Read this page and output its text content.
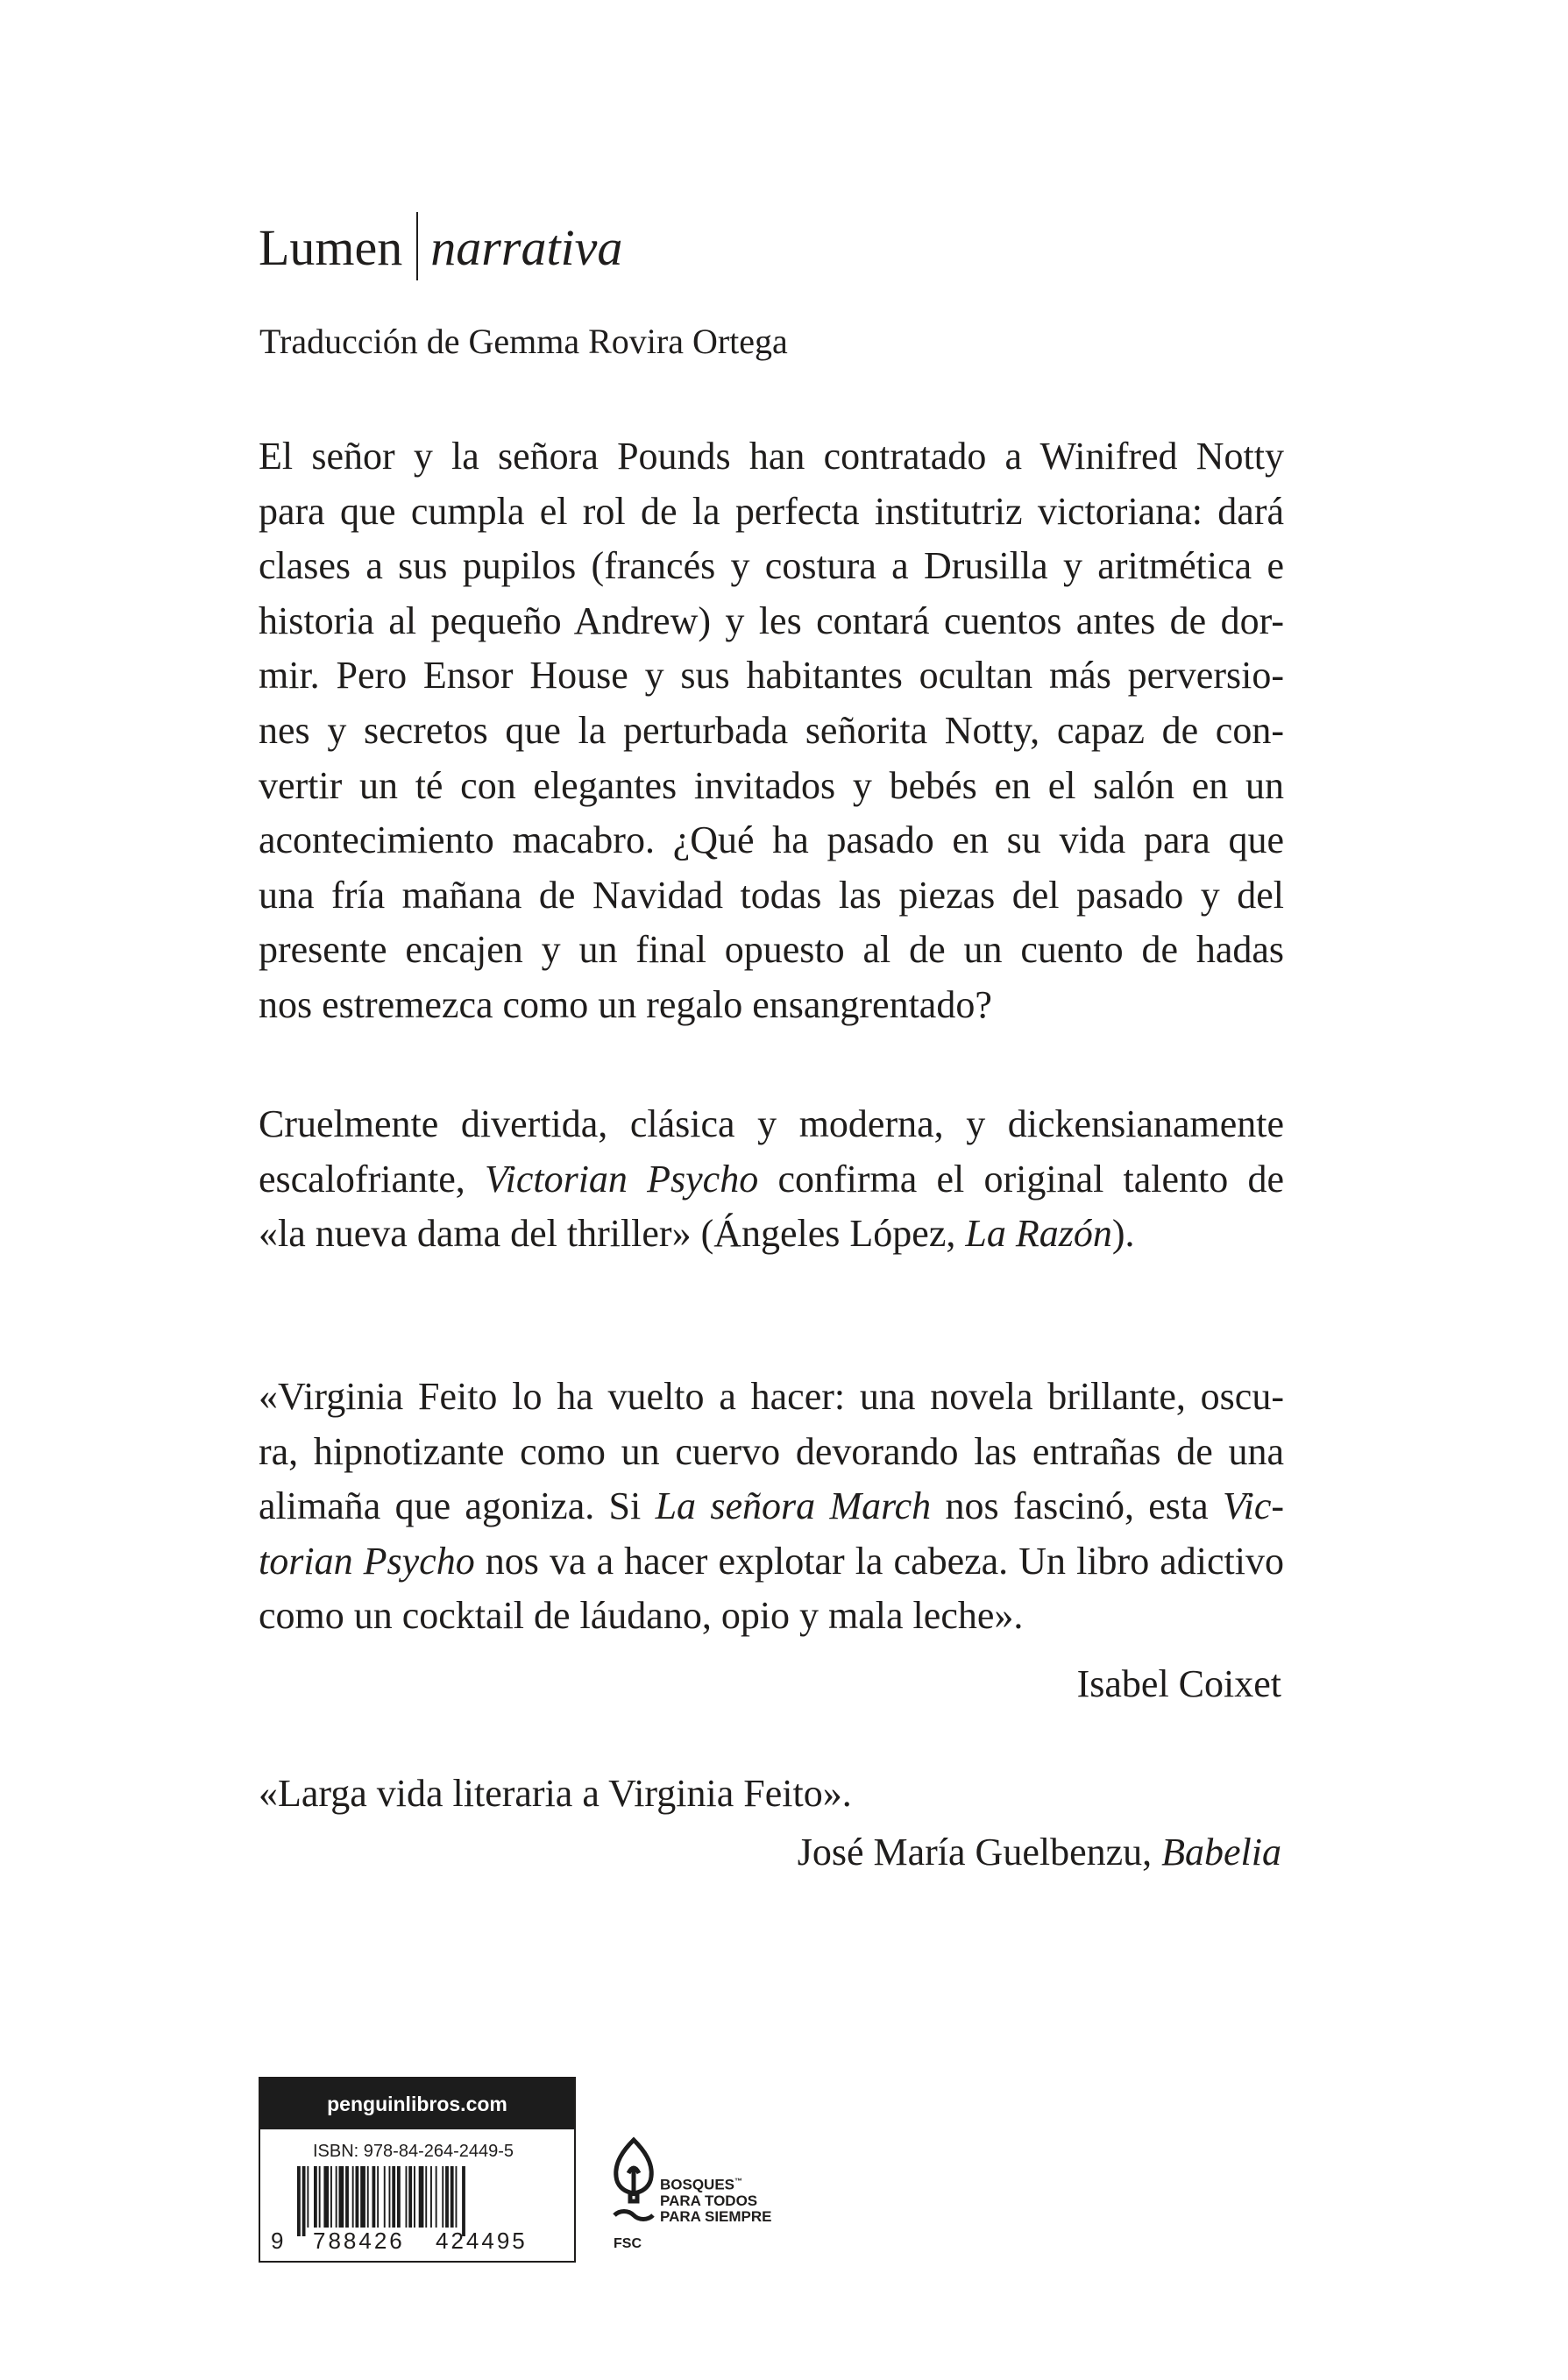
Lumen narrativa
Traducción de Gemma Rovira Ortega
El señor y la señora Pounds han contratado a Winifred Notty
para que cumpla el rol de la perfecta institutriz victoriana: dará
clases a sus pupilos (francés y costura a Drusilla y aritmética e
historia al pequeño Andrew) y les contará cuentos antes de dor-
mir. Pero Ensor House y sus habitantes ocultan más perversio-
nes y secretos que la perturbada señorita Notty, capaz de con-
vertir un té con elegantes invitados y bebés en el salón en un
acontecimiento macabro. ¿Qué ha pasado en su vida para que
una fría mañana de Navidad todas las piezas del pasado y del
presente encajen y un final opuesto al de un cuento de hadas
nos estremezca como un regalo ensangrentado?
Cruelmente divertida, clásica y moderna, y dickensianamente
escalofriante, Victorian Psycho confirma el original talento de
«la nueva dama del thriller» (Ángeles López, La Razón).
«Virginia Feito lo ha vuelto a hacer: una novela brillante, oscu-
ra, hipnotizante como un cuervo devorando las entrañas de una
alimaña que agoniza. Si La señora March nos fascinó, esta Vic-
torian Psycho nos va a hacer explotar la cabeza. Un libro adictivo
como un cocktail de láudano, opio y mala leche».
Isabel Coixet
«Larga vida literaria a Virginia Feito».
José María Guelbenzu, Babelia
penguinlibros.com
ISBN: 978-84-264-2449-5
9 788426 424495
BOSQUES™
PARA TODOS
PARA SIEMPRE
FSC
